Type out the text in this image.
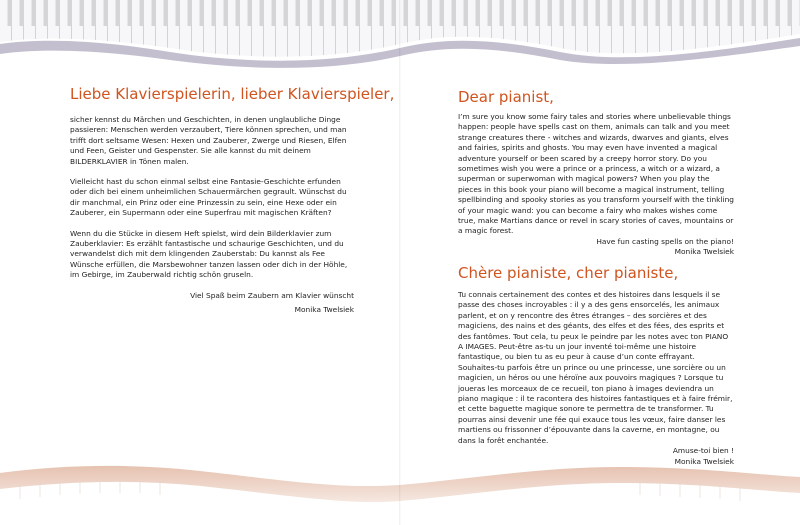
Liebe Klavierspielerin, lieber Klavierspieler,

sicher kennst du Märchen und Geschichten, in denen unglaubliche Dinge passieren: Menschen werden verzaubert, Tiere können sprechen, und man trifft dort seltsame Wesen: Hexen und Zauberer, Zwerge und Riesen, Elfen und Feen, Geister und Gespenster. Sie alle kannst du mit deinem BILDERKLAVIER in Tönen malen.

Vielleicht hast du schon einmal selbst eine Fantasie-Geschichte erfunden oder dich bei einem unheimlichen Schauermärchen gegrault. Wünschst du dir manchmal, ein Prinz oder eine Prinzessin zu sein, eine Hexe oder ein Zauberer, ein Supermann oder eine Superfrau mit magischen Kräften?

Wenn du die Stücke in diesem Heft spielst, wird dein Bilderklavier zum Zauberklavier: Es erzählt fantastische und schaurige Geschichten, und du verwandelst dich mit dem klingenden Zauberstab: Du kannst als Fee Wünsche erfüllen, die Marsbewohner tanzen lassen oder dich in der Höhle, im Gebirge, im Zauberwald richtig schön gruseln.

Viel Spaß beim Zaubern am Klavier wünscht
Monika Twelsiek
Dear pianist,

I’m sure you know some fairy tales and stories where unbelievable things happen: people have spells cast on them, animals can talk and you meet strange creatures there - witches and wizards, dwarves and giants, elves and fairies, spirits and ghosts. You may even have invented a magical adventure yourself or been scared by a creepy horror story. Do you sometimes wish you were a prince or a princess, a witch or a wizard, a superman or superwoman with magical powers? When you play the pieces in this book your piano will become a magical instrument, telling spellbinding and spooky stories as you transform yourself with the tinkling of your magic wand: you can become a fairy who makes wishes come true, make Martians dance or revel in scary stories of caves, mountains or a magic forest.

Have fun casting spells on the piano!
Monika Twelsiek
Chère pianiste, cher pianiste,

Tu connais certainement des contes et des histoires dans lesquels il se passe des choses incroyables : il y a des gens ensorcelés, les animaux parlent, et on y rencontre des êtres étranges – des sorcières et des magiciens, des nains et des géants, des elfes et des fées, des esprits et des fantômes. Tout cela, tu peux le peindre par les notes avec ton PIANO A IMAGES. Peut-être as-tu un jour inventé toi-même une histoire fantastique, ou bien tu as eu peur à cause d’un conte effrayant. Souhaites-tu parfois être un prince ou une princesse, une sorcière ou un magicien, un héros ou une héroïne aux pouvoirs magiques ? Lorsque tu joueras les morceaux de ce recueil, ton piano à images deviendra un piano magique : il te racontera des histoires fantastiques et à faire frémir, et cette baguette magique sonore te permettra de te transformer. Tu pourras ainsi devenir une fée qui exauce tous les vœux, faire danser les martiens ou frissonner d’épouvante dans la caverne, en montagne, ou dans la forêt enchantée.

Amuse-toi bien !
Monika Twelsiek
